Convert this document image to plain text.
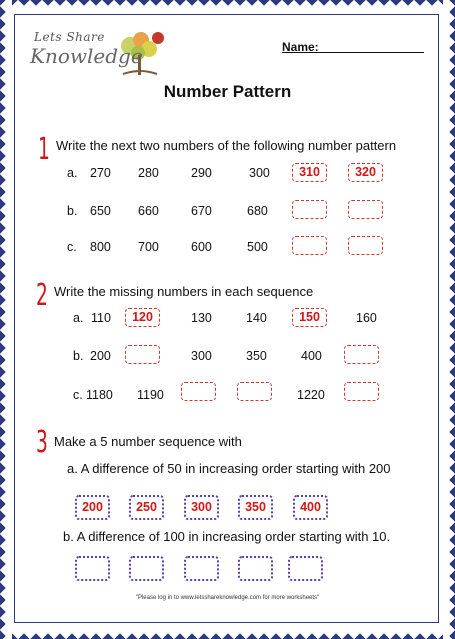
Lets Share
Knowledge	Name:
Number Pattern
1 Write the next two numbers of the following number pattern
a. 270 280	290	300	310	320
b. 650 660	670	680
c. 800 700	600	500
2 Write the missing numbers in each sequence
a. 110	120	130	140	150	160
b. 200	300	350	400
c. 1180 1190	1220
3 Make a 5 number sequence with
a. A difference of 50 in increasing order starting with 200
200	250	300	350	400
b. A difference of 100 in increasing order starting with 10.
"Please log in to www.letsshareknowledge.com for more worksheets"
